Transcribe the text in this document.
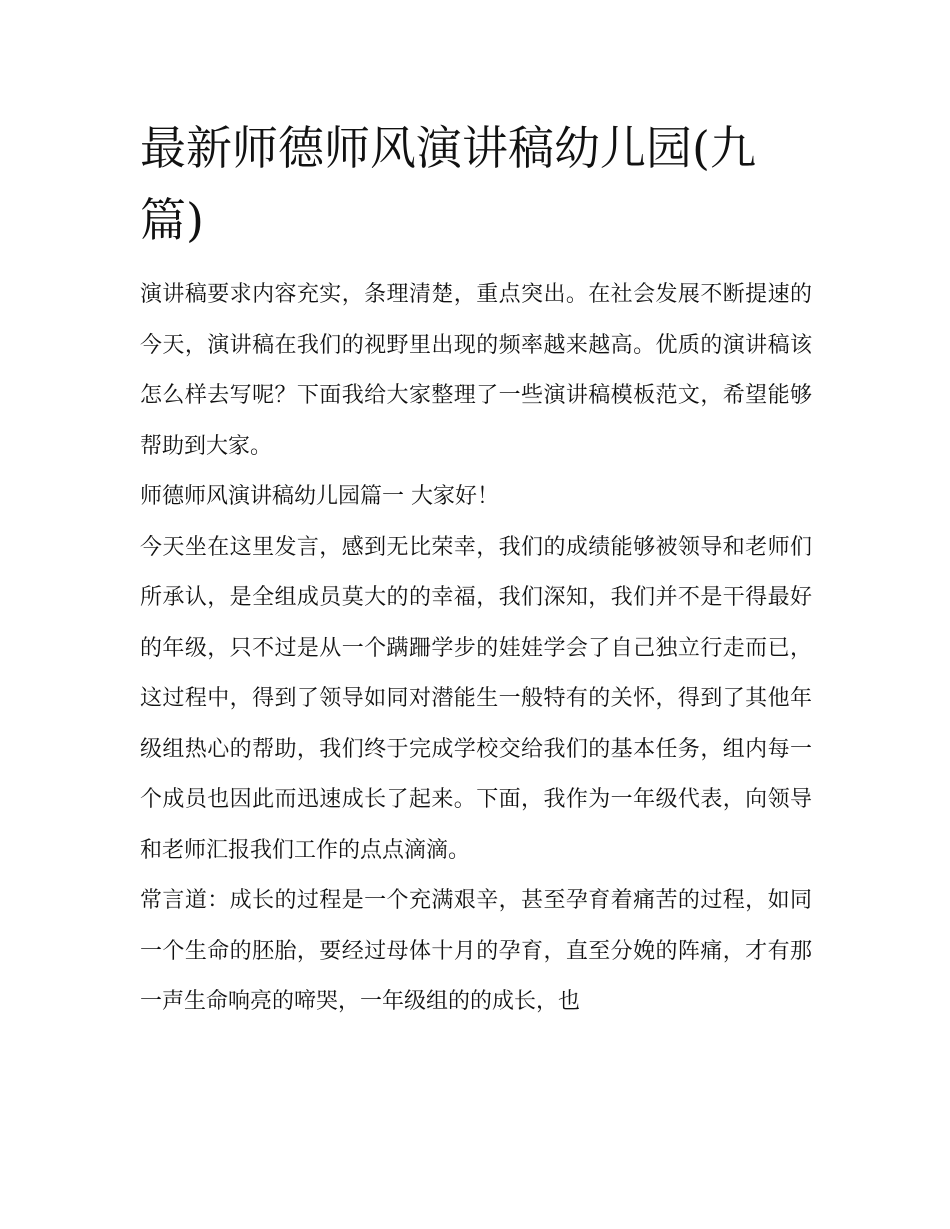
最新师德师风演讲稿幼儿园(九篇)

演讲稿要求内容充实，条理清楚，重点突出。在社会发展不断提速的今天，演讲稿在我们的视野里出现的频率越来越高。优质的演讲稿该怎么样去写呢？下面我给大家整理了一些演讲稿模板范文，希望能够帮助到大家。

师德师风演讲稿幼儿园篇一 大家好！

今天坐在这里发言，感到无比荣幸，我们的成绩能够被领导和老师们所承认，是全组成员莫大的的幸福，我们深知，我们并不是干得最好的年级，只不过是从一个蹒跚学步的娃娃学会了自己独立行走而已，这过程中，得到了领导如同对潜能生一般特有的关怀，得到了其他年级组热心的帮助，我们终于完成学校交给我们的基本任务，组内每一个成员也因此而迅速成长了起来。下面，我作为一年级代表，向领导和老师汇报我们工作的点点滴滴。

常言道：成长的过程是一个充满艰辛，甚至孕育着痛苦的过程，如同一个生命的胚胎，要经过母体十月的孕育，直至分娩的阵痛，才有那一声生命响亮的啼哭，一年级组的的成长，也
